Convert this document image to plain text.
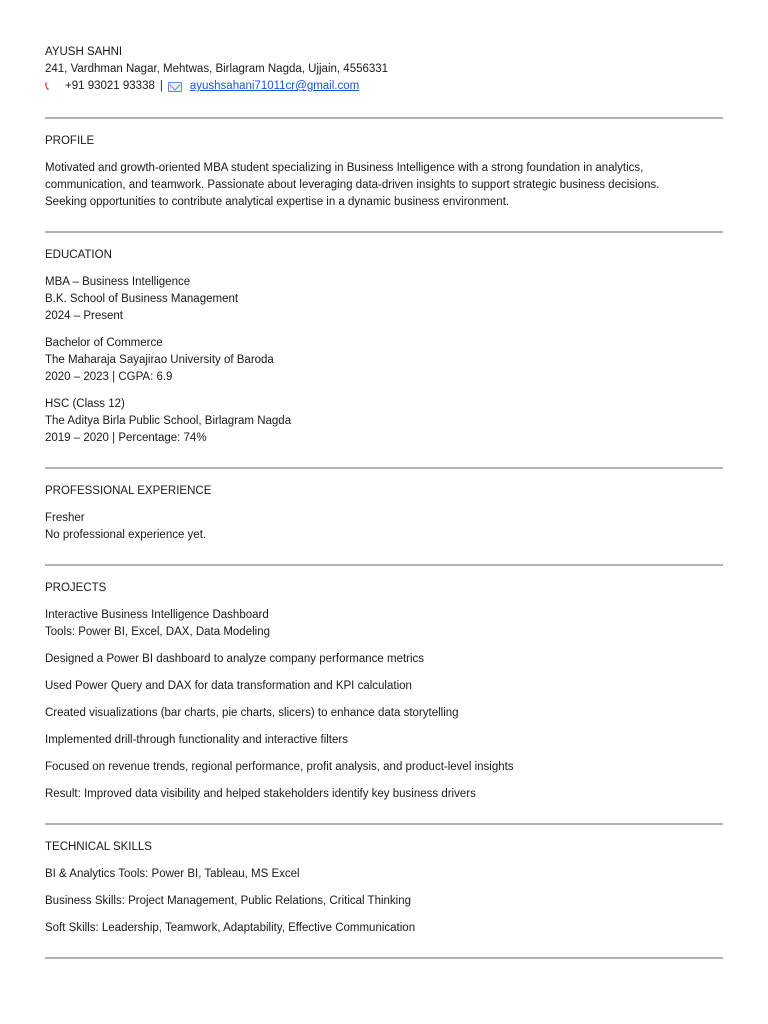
AYUSH SAHNI
241, Vardhman Nagar, Mehtwas, Birlagram Nagda, Ujjain, 4556331
📞︎	+91 93021 93338 | ayushsahani71011cr@gmail.com
PROFILE
Motivated and growth-oriented MBA student specializing in Business Intelligence with a strong foundation in analytics,
communication, and teamwork. Passionate about leveraging data-driven insights to support strategic business decisions.
Seeking opportunities to contribute analytical expertise in a dynamic business environment.
EDUCATION
MBA – Business Intelligence
B.K. School of Business Management
2024 – Present
Bachelor of Commerce
The Maharaja Sayajirao University of Baroda
2020 – 2023 | CGPA: 6.9
HSC (Class 12)
The Aditya Birla Public School, Birlagram Nagda
2019 – 2020 | Percentage: 74%
PROFESSIONAL EXPERIENCE
Fresher
No professional experience yet.
PROJECTS
Interactive Business Intelligence Dashboard
Tools: Power BI, Excel, DAX, Data Modeling
Designed a Power BI dashboard to analyze company performance metrics
Used Power Query and DAX for data transformation and KPI calculation
Created visualizations (bar charts, pie charts, slicers) to enhance data storytelling
Implemented drill-through functionality and interactive filters
Focused on revenue trends, regional performance, profit analysis, and product-level insights
Result: Improved data visibility and helped stakeholders identify key business drivers
TECHNICAL SKILLS
BI & Analytics Tools: Power BI, Tableau, MS Excel
Business Skills: Project Management, Public Relations, Critical Thinking
Soft Skills: Leadership, Teamwork, Adaptability, Effective Communication
